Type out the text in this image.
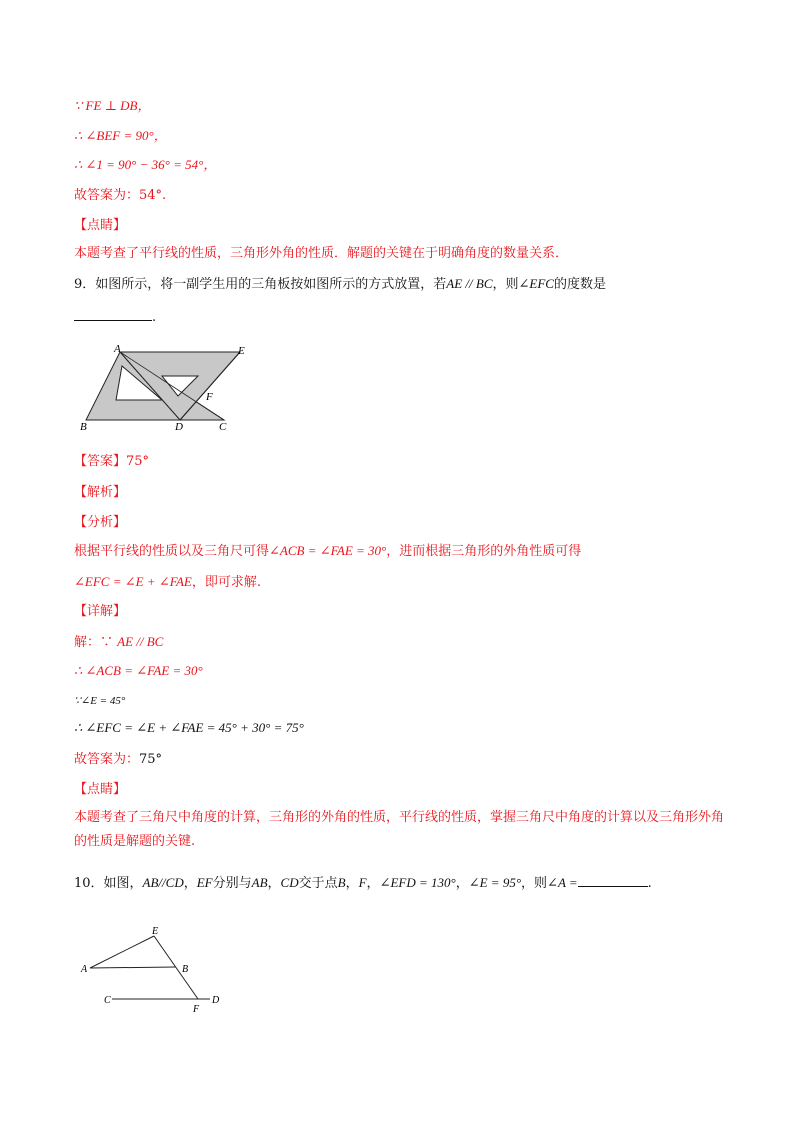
∵ FE ⊥ DB，
∴ ∠BEF = 90°，
∴ ∠1 = 90° − 36° = 54°，
故答案为：54°.
【点睛】
本题考查了平行线的性质，三角形外角的性质．解题的关键在于明确角度的数量关系．
9．如图所示，将一副学生用的三角板按如图所示的方式放置，若AE // BC，则∠EFC的度数是
.
A	E
B	D	C
F
【答案】75°
【解析】
【分析】
根据平行线的性质以及三角尺可得∠ACB = ∠FAE = 30°，进而根据三角形的外角性质可得
∠EFC = ∠E + ∠FAE，即可求解.
【详解】
解：∵ AE // BC
∴ ∠ACB = ∠FAE = 30°
∵∠E = 45°
∴ ∠EFC = ∠E + ∠FAE = 45° + 30° = 75°
故答案为：75°
【点睛】
本题考查了三角尺中角度的计算，三角形的外角的性质，平行线的性质，掌握三角尺中角度的计算以及三角形外角的性质是解题的关键.
10．如图，AB//CD，EF分别与AB，CD交于点B，F，∠EFD = 130°，∠E = 95°，则∠A =	.
E
A	B
C
F
D
